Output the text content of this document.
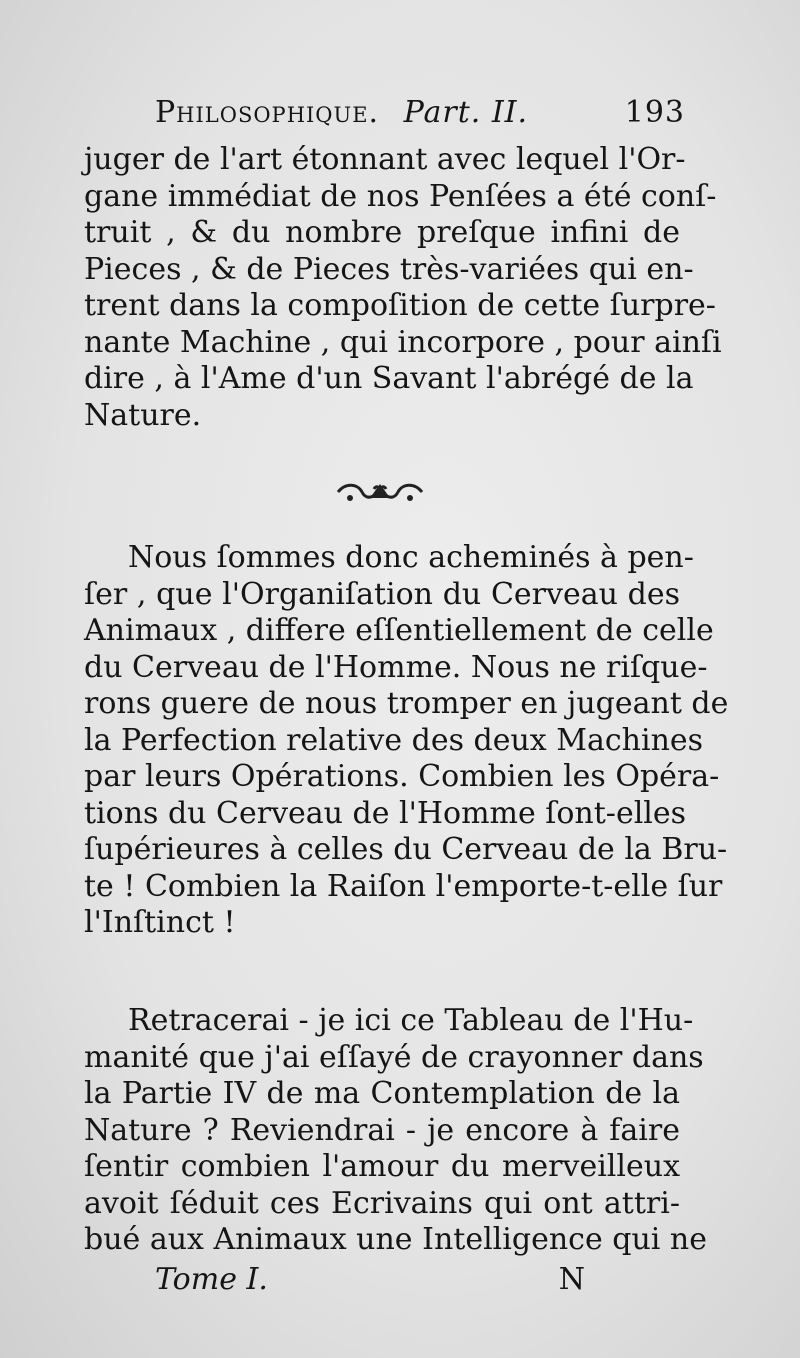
Philosophique. Part. II.	193
juger de l'art étonnant avec lequel l'Or-
gane immédiat de nos Penſées a été conſ-
truit , & du nombre preſque infini de
Pieces , & de Pieces très-variées qui en-
trent dans la compoſition de cette ſurpre-
nante Machine , qui incorpore , pour ainſi
dire , à l'Ame d'un Savant l'abrégé de la
Nature.
Nous ſommes donc acheminés à pen-
ſer , que l'Organiſation du Cerveau des
Animaux , differe eſſentiellement de celle
du Cerveau de l'Homme. Nous ne riſque-
rons guere de nous tromper en jugeant de
la Perfection relative des deux Machines
par leurs Opérations. Combien les Opéra-
tions du Cerveau de l'Homme ſont-elles
ſupérieures à celles du Cerveau de la Bru-
te ! Combien la Raiſon l'emporte-t-elle ſur
l'Inſtinct !
Retracerai - je ici ce Tableau de l'Hu-
manité que j'ai eſſayé de crayonner dans
la Partie IV de ma Contemplation de la
Nature ? Reviendrai - je encore à faire
ſentir combien l'amour du merveilleux
avoit ſéduit ces Ecrivains qui ont attri-
bué aux Animaux une Intelligence qui ne
Tome I.	N
